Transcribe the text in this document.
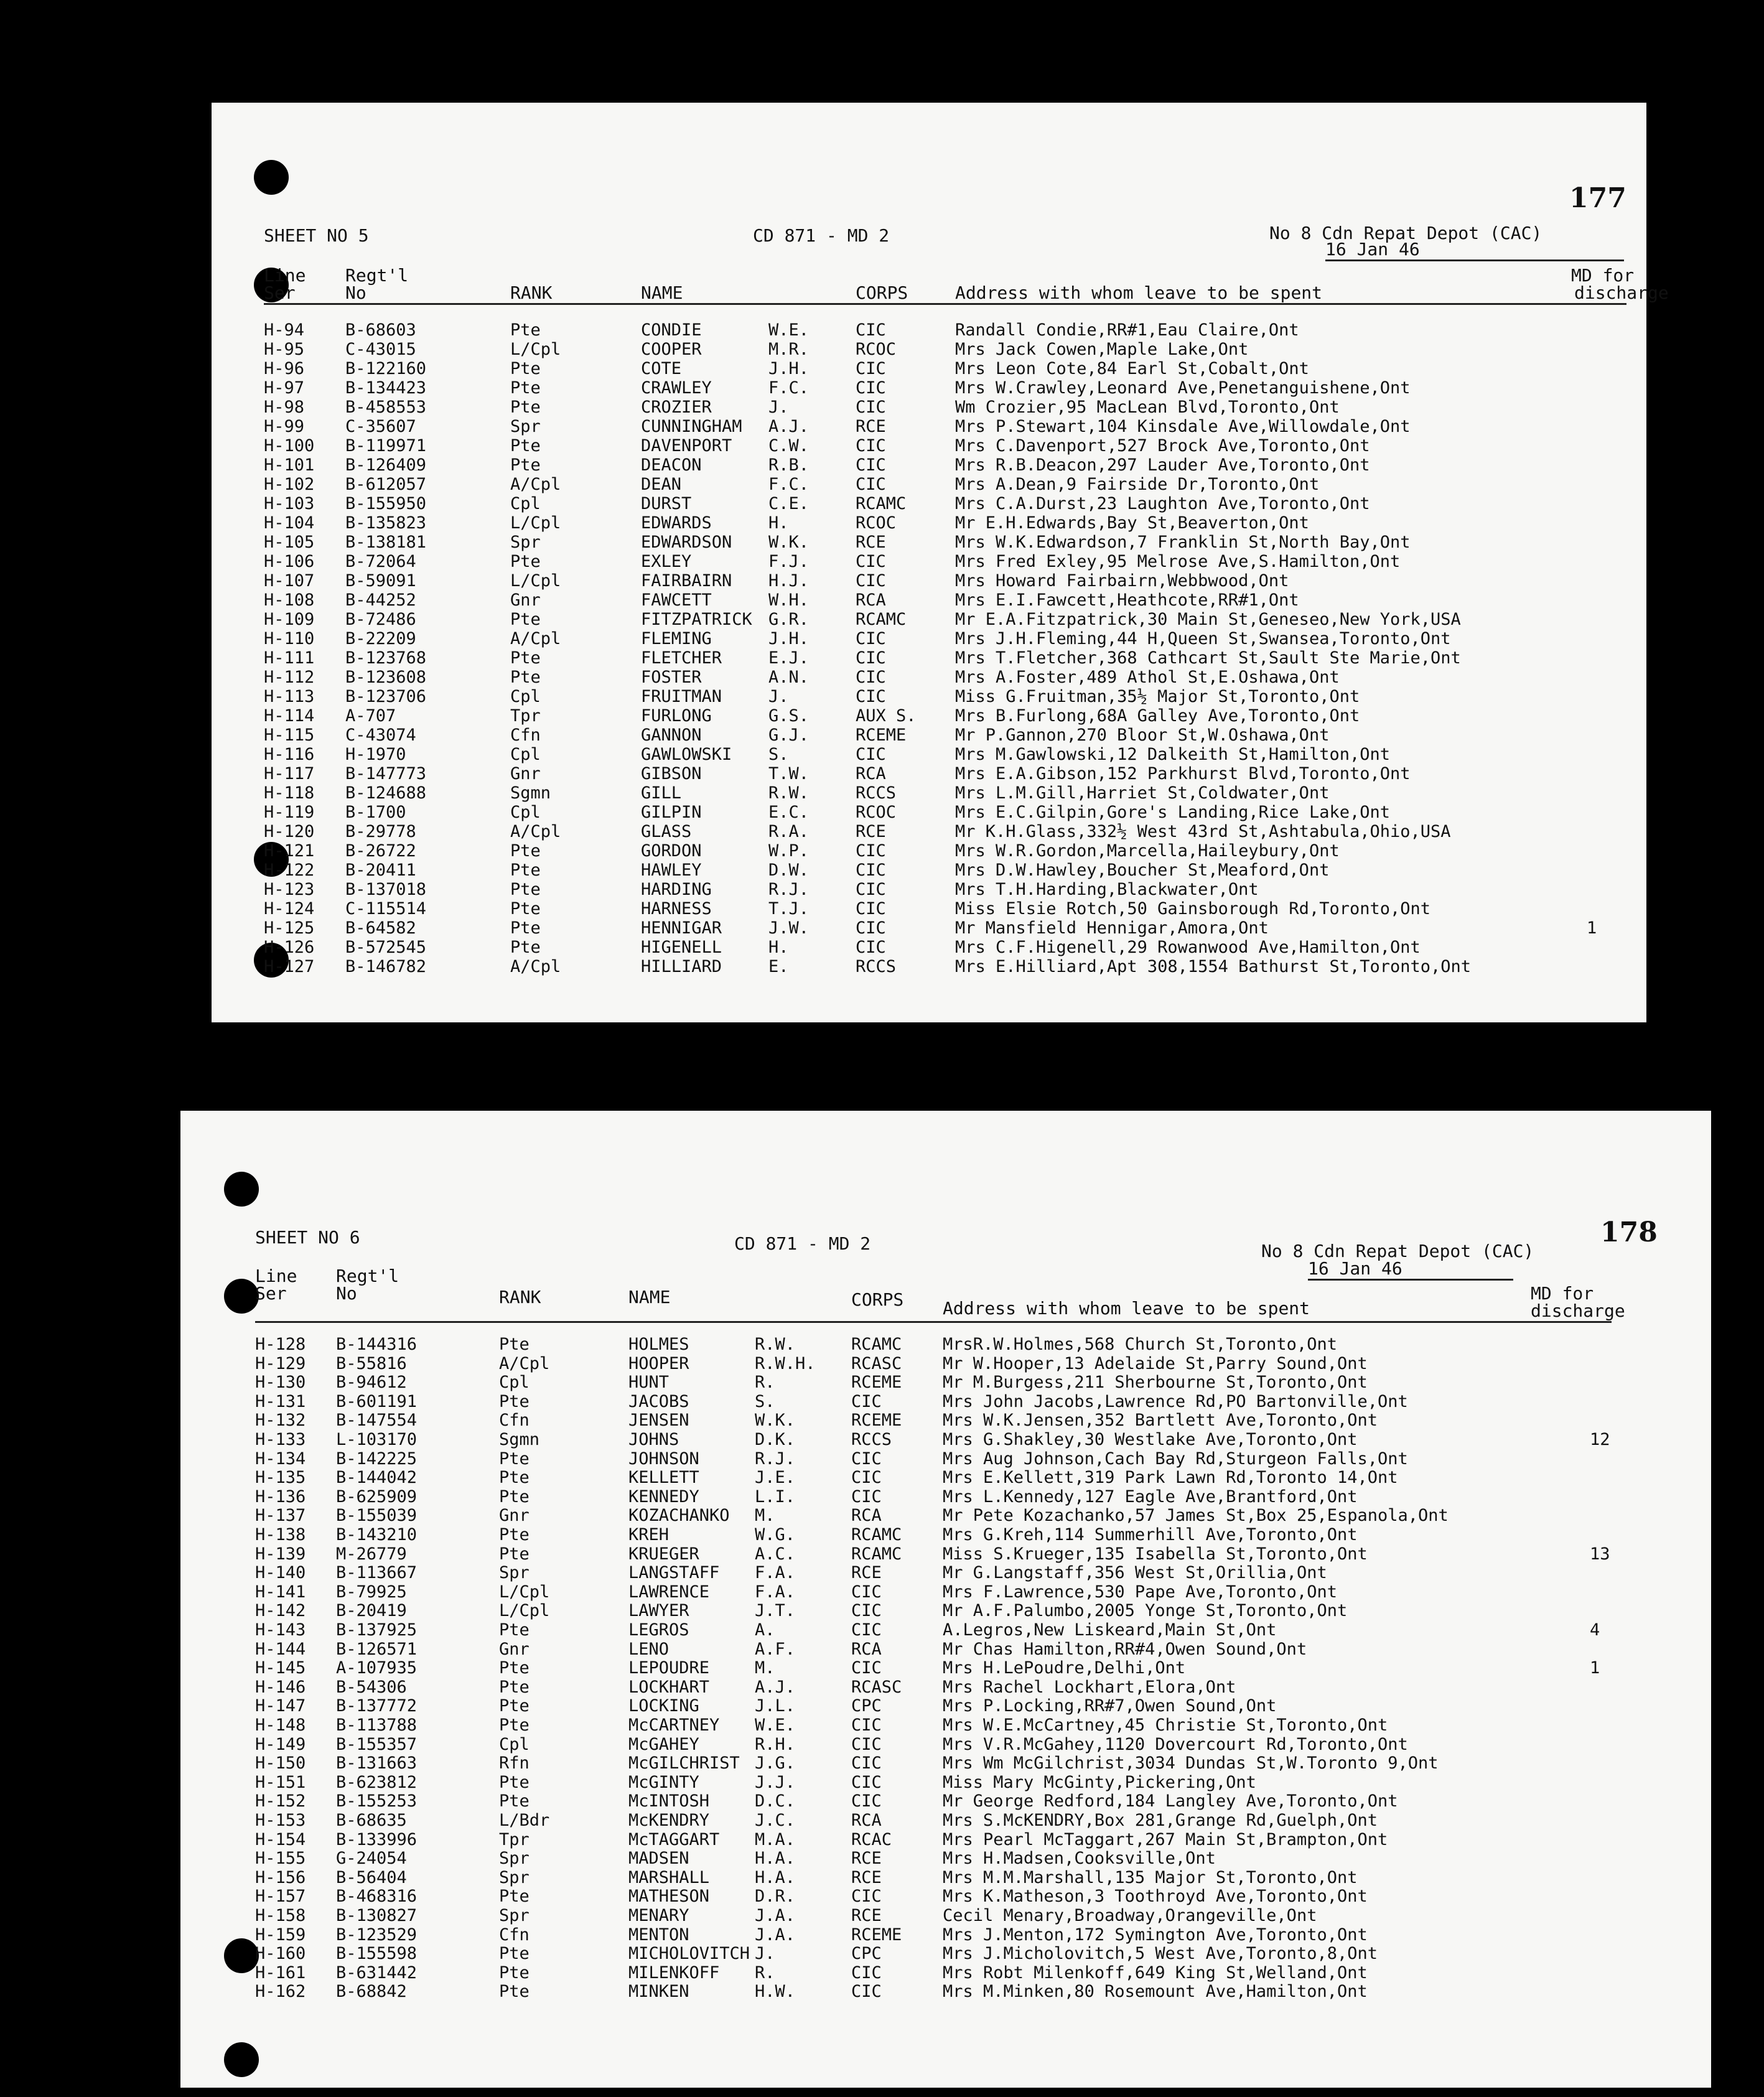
177
SHEET NO 5	CD 871 - MD 2	No 8 Cdn Repat Depot (CAC)
16 Jan 46
Line
Ser
Regt'l
No	RANK	NAME	CORPS	Address with whom leave to be spent
MD for
discharge
H-94 B-68603	Pte	CONDIE	W.E.	CIC	Randall Condie,RR#1,Eau Claire,Ont
H-95 C-43015	L/Cpl	COOPER	M.R.	RCOC	Mrs Jack Cowen,Maple Lake,Ont
H-96 B-122160	Pte	COTE	J.H.	CIC	Mrs Leon Cote,84 Earl St,Cobalt,Ont
H-97 B-134423	Pte	CRAWLEY	F.C.	CIC	Mrs W.Crawley,Leonard Ave,Penetanguishene,Ont
H-98 B-458553	Pte	CROZIER	J.	CIC	Wm Crozier,95 MacLean Blvd,Toronto,Ont
H-99 C-35607	Spr	CUNNINGHAM A.J.	RCE	Mrs P.Stewart,104 Kinsdale Ave,Willowdale,Ont
H-100 B-119971	Pte	DAVENPORT C.W.	CIC	Mrs C.Davenport,527 Brock Ave,Toronto,Ont
H-101 B-126409	Pte	DEACON	R.B.	CIC	Mrs R.B.Deacon,297 Lauder Ave,Toronto,Ont
H-102 B-612057	A/Cpl	DEAN	F.C.	CIC	Mrs A.Dean,9 Fairside Dr,Toronto,Ont
H-103 B-155950	Cpl	DURST	C.E.	RCAMC	Mrs C.A.Durst,23 Laughton Ave,Toronto,Ont
H-104 B-135823	L/Cpl	EDWARDS	H.	RCOC	Mr E.H.Edwards,Bay St,Beaverton,Ont
H-105 B-138181	Spr	EDWARDSON W.K.	RCE	Mrs W.K.Edwardson,7 Franklin St,North Bay,Ont
H-106 B-72064	Pte	EXLEY	F.J.	CIC	Mrs Fred Exley,95 Melrose Ave,S.Hamilton,Ont
H-107 B-59091	L/Cpl	FAIRBAIRN H.J.	CIC	Mrs Howard Fairbairn,Webbwood,Ont
H-108 B-44252	Gnr	FAWCETT	W.H.	RCA	Mrs E.I.Fawcett,Heathcote,RR#1,Ont
H-109 B-72486	Pte	FITZPATRICK G.R.	RCAMC	Mr E.A.Fitzpatrick,30 Main St,Geneseo,New York,USA
H-110 B-22209	A/Cpl	FLEMING	J.H.	CIC	Mrs J.H.Fleming,44 H,Queen St,Swansea,Toronto,Ont
H-111 B-123768	Pte	FLETCHER	E.J.	CIC	Mrs T.Fletcher,368 Cathcart St,Sault Ste Marie,Ont
H-112 B-123608	Pte	FOSTER	A.N.	CIC	Mrs A.Foster,489 Athol St,E.Oshawa,Ont
H-113 B-123706	Cpl	FRUITMAN	J.	CIC	Miss G.Fruitman,35½ Major St,Toronto,Ont
H-114 A-707	Tpr	FURLONG	G.S.	AUX S. Mrs B.Furlong,68A Galley Ave,Toronto,Ont
H-115 C-43074	Cfn	GANNON	G.J.	RCEME	Mr P.Gannon,270 Bloor St,W.Oshawa,Ont
H-116 H-1970	Cpl	GAWLOWSKI S.	CIC	Mrs M.Gawlowski,12 Dalkeith St,Hamilton,Ont
H-117 B-147773	Gnr	GIBSON	T.W.	RCA	Mrs E.A.Gibson,152 Parkhurst Blvd,Toronto,Ont
H-118 B-124688	Sgmn	GILL	R.W.	RCCS	Mrs L.M.Gill,Harriet St,Coldwater,Ont
H-119 B-1700	Cpl	GILPIN	E.C.	RCOC	Mrs E.C.Gilpin,Gore's Landing,Rice Lake,Ont
H-120 B-29778	A/Cpl	GLASS	R.A.	RCE	Mr K.H.Glass,332½ West 43rd St,Ashtabula,Ohio,USA
H-121 B-26722	Pte	GORDON	W.P.	CIC	Mrs W.R.Gordon,Marcella,Haileybury,Ont
H-122 B-20411	Pte	HAWLEY	D.W.	CIC	Mrs D.W.Hawley,Boucher St,Meaford,Ont
H-123 B-137018	Pte	HARDING	R.J.	CIC	Mrs T.H.Harding,Blackwater,Ont
H-124 C-115514	Pte	HARNESS	T.J.	CIC	Miss Elsie Rotch,50 Gainsborough Rd,Toronto,Ont
H-125 B-64582	Pte	HENNIGAR	J.W.	CIC	Mr Mansfield Hennigar,Amora,Ont	1
H-126 B-572545	Pte	HIGENELL	H.	CIC	Mrs C.F.Higenell,29 Rowanwood Ave,Hamilton,Ont
H-127 B-146782	A/Cpl	HILLIARD	E.	RCCS	Mrs E.Hilliard,Apt 308,1554 Bathurst St,Toronto,Ont
178
SHEET NO 6	CD 871 - MD 2	No 8 Cdn Repat Depot (CAC)
16 Jan 46
Line
Ser
Regt'l
No	RANK	NAME	CORPS Address with whom leave to be spent
MD for
discharge
H-128 B-144316	Pte	HOLMES	R.W.	RCAMC MrsR.W.Holmes,568 Church St,Toronto,Ont
H-129 B-55816	A/Cpl	HOOPER	R.W.H. RCASC Mr W.Hooper,13 Adelaide St,Parry Sound,Ont
H-130 B-94612	Cpl	HUNT	R.	RCEME Mr M.Burgess,211 Sherbourne St,Toronto,Ont
H-131 B-601191	Pte	JACOBS	S.	CIC	Mrs John Jacobs,Lawrence Rd,PO Bartonville,Ont
H-132 B-147554	Cfn	JENSEN	W.K.	RCEME Mrs W.K.Jensen,352 Bartlett Ave,Toronto,Ont
H-133 L-103170	Sgmn	JOHNS	D.K.	RCCS	Mrs G.Shakley,30 Westlake Ave,Toronto,Ont	12
H-134 B-142225	Pte	JOHNSON	R.J.	CIC	Mrs Aug Johnson,Cach Bay Rd,Sturgeon Falls,Ont
H-135 B-144042	Pte	KELLETT	J.E.	CIC	Mrs E.Kellett,319 Park Lawn Rd,Toronto 14,Ont
H-136 B-625909	Pte	KENNEDY	L.I.	CIC	Mrs L.Kennedy,127 Eagle Ave,Brantford,Ont
H-137 B-155039	Gnr	KOZACHANKO M.	RCA	Mr Pete Kozachanko,57 James St,Box 25,Espanola,Ont
H-138 B-143210	Pte	KREH	W.G.	RCAMC Mrs G.Kreh,114 Summerhill Ave,Toronto,Ont
H-139 M-26779	Pte	KRUEGER	A.C.	RCAMC Miss S.Krueger,135 Isabella St,Toronto,Ont	13
H-140 B-113667	Spr	LANGSTAFF F.A.	RCE	Mr G.Langstaff,356 West St,Orillia,Ont
H-141 B-79925	L/Cpl	LAWRENCE	F.A.	CIC	Mrs F.Lawrence,530 Pape Ave,Toronto,Ont
H-142 B-20419	L/Cpl	LAWYER	J.T.	CIC	Mr A.F.Palumbo,2005 Yonge St,Toronto,Ont
H-143 B-137925	Pte	LEGROS	A.	CIC	A.Legros,New Liskeard,Main St,Ont	4
H-144 B-126571	Gnr	LENO	A.F.	RCA	Mr Chas Hamilton,RR#4,Owen Sound,Ont
H-145 A-107935	Pte	LEPOUDRE	M.	CIC	Mrs H.LePoudre,Delhi,Ont	1
H-146 B-54306	Pte	LOCKHART	A.J.	RCASC Mrs Rachel Lockhart,Elora,Ont
H-147 B-137772	Pte	LOCKING	J.L.	CPC	Mrs P.Locking,RR#7,Owen Sound,Ont
H-148 B-113788	Pte	McCARTNEY W.E.	CIC	Mrs W.E.McCartney,45 Christie St,Toronto,Ont
H-149 B-155357	Cpl	McGAHEY	R.H.	CIC	Mrs V.R.McGahey,1120 Dovercourt Rd,Toronto,Ont
H-150 B-131663	Rfn	McGILCHRIST J.G.	CIC	Mrs Wm McGilchrist,3034 Dundas St,W.Toronto 9,Ont
H-151 B-623812	Pte	McGINTY	J.J.	CIC	Miss Mary McGinty,Pickering,Ont
H-152 B-155253	Pte	McINTOSH	D.C.	CIC	Mr George Redford,184 Langley Ave,Toronto,Ont
H-153 B-68635	L/Bdr	McKENDRY	J.C.	RCA	Mrs S.McKENDRY,Box 281,Grange Rd,Guelph,Ont
H-154 B-133996	Tpr	McTAGGART M.A.	RCAC	Mrs Pearl McTaggart,267 Main St,Brampton,Ont
H-155 G-24054	Spr	MADSEN	H.A.	RCE	Mrs H.Madsen,Cooksville,Ont
H-156 B-56404	Spr	MARSHALL	H.A.	RCE	Mrs M.M.Marshall,135 Major St,Toronto,Ont
H-157 B-468316	Pte	MATHESON	D.R.	CIC	Mrs K.Matheson,3 Toothroyd Ave,Toronto,Ont
H-158 B-130827	Spr	MENARY	J.A.	RCE	Cecil Menary,Broadway,Orangeville,Ont
H-159 B-123529	Cfn	MENTON	J.A.	RCEME Mrs J.Menton,172 Symington Ave,Toronto,Ont
H-160 B-155598	Pte	MICHOLOVITCH J.	CPC	Mrs J.Micholovitch,5 West Ave,Toronto,8,Ont
H-161 B-631442	Pte	MILENKOFF R.	CIC	Mrs Robt Milenkoff,649 King St,Welland,Ont
H-162 B-68842	Pte	MINKEN	H.W.	CIC	Mrs M.Minken,80 Rosemount Ave,Hamilton,Ont
